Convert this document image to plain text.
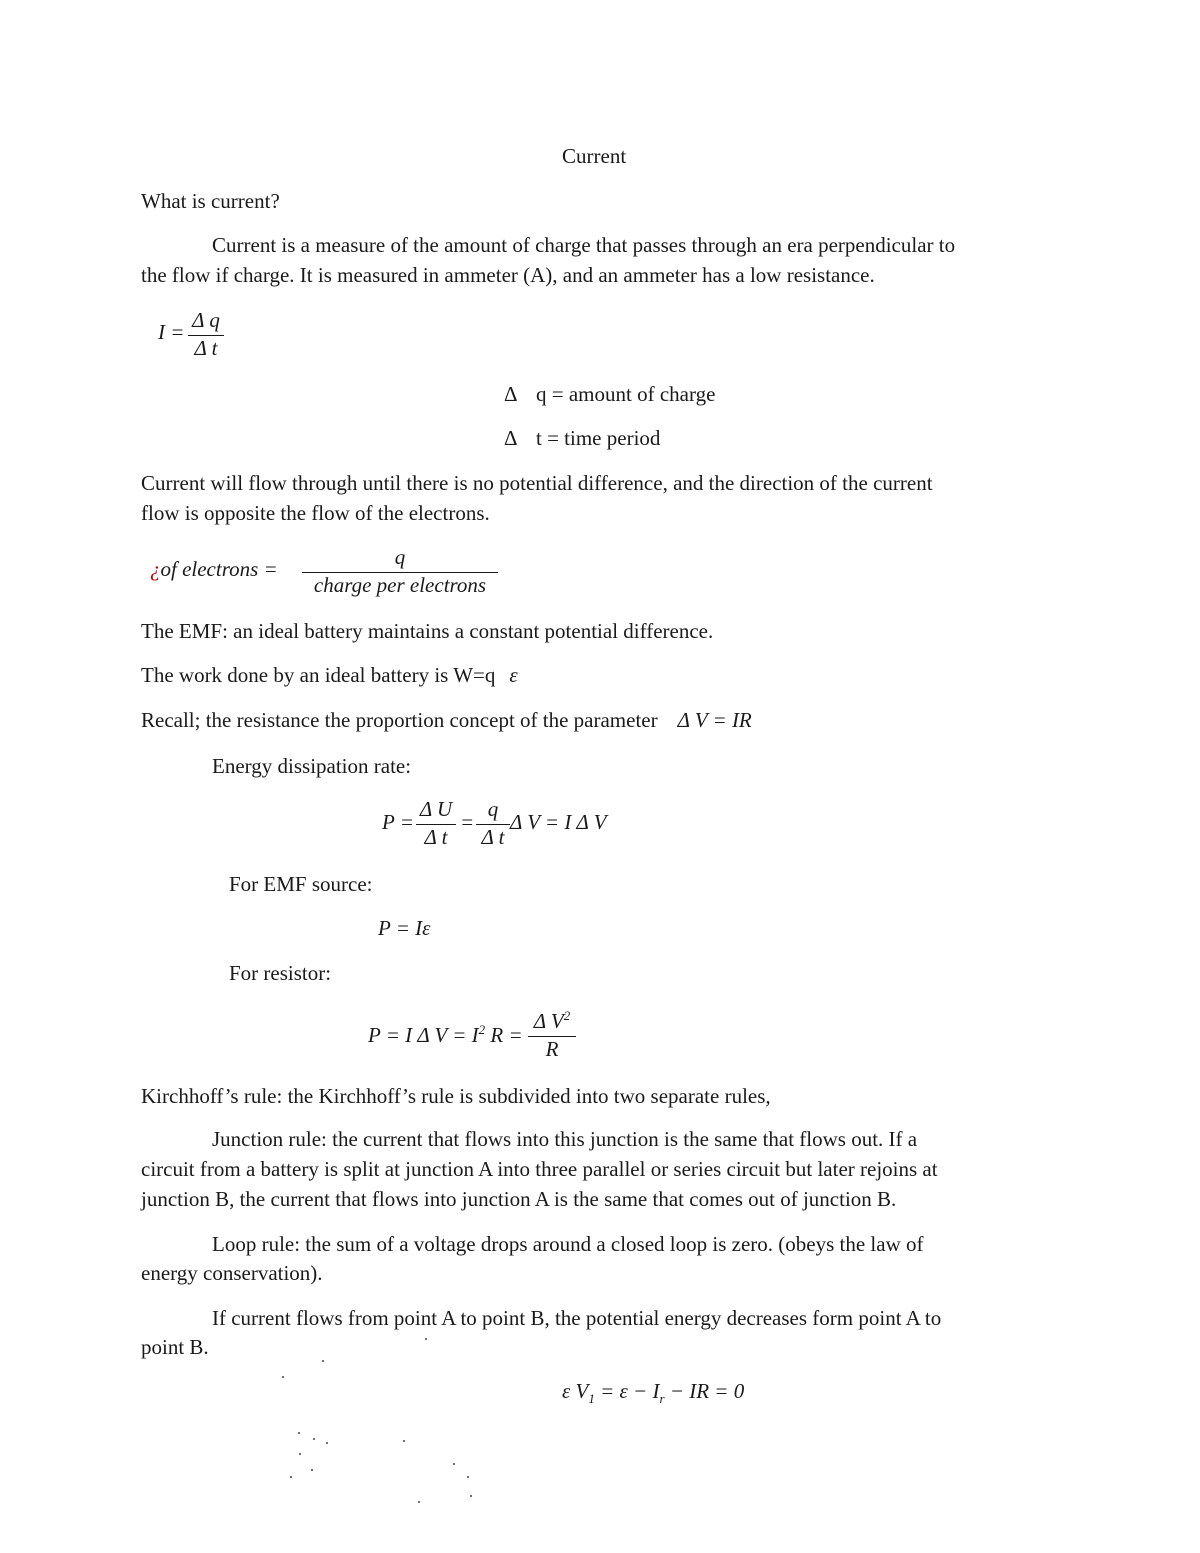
Current
What is current?
Current is a measure of the amount of charge that passes through an era perpendicular to
the flow if charge. It is measured in ammeter (A), and an ammeter has a low resistance.
I = Δ q
Δ t
Δ q = amount of charge
Δ t = time period
Current will flow through until there is no potential difference, and the direction of the current
flow is opposite the flow of the electrons.
¿of electrons =	q
charge per electrons
The EMF: an ideal battery maintains a constant potential difference.
The work done by an ideal battery is W=q ε
Recall; the resistance the proportion concept of the parameter Δ V = IR
Energy dissipation rate:
P =
Δ U
Δ t
=
q
Δ t
Δ V = I Δ V
For EMF source:
P = Iε
For resistor:
P = I Δ $V = I^2$ R =
Δ $V^2$
R
Kirchhoff’s rule: the Kirchhoff’s rule is subdivided into two separate rules,
Junction rule: the current that flows into this junction is the same that flows out. If a
circuit from a battery is split at junction A into three parallel or series circuit but later rejoins at
junction B, the current that flows into junction A is the same that comes out of junction B.
Loop rule: the sum of a voltage drops around a closed loop is zero. (obeys the law of
energy conservation).
If current flows from point A to point B, the potential energy decreases form point A to
point B.
ε $V_1 = \varepsilon - I_r$ − IR = 0
